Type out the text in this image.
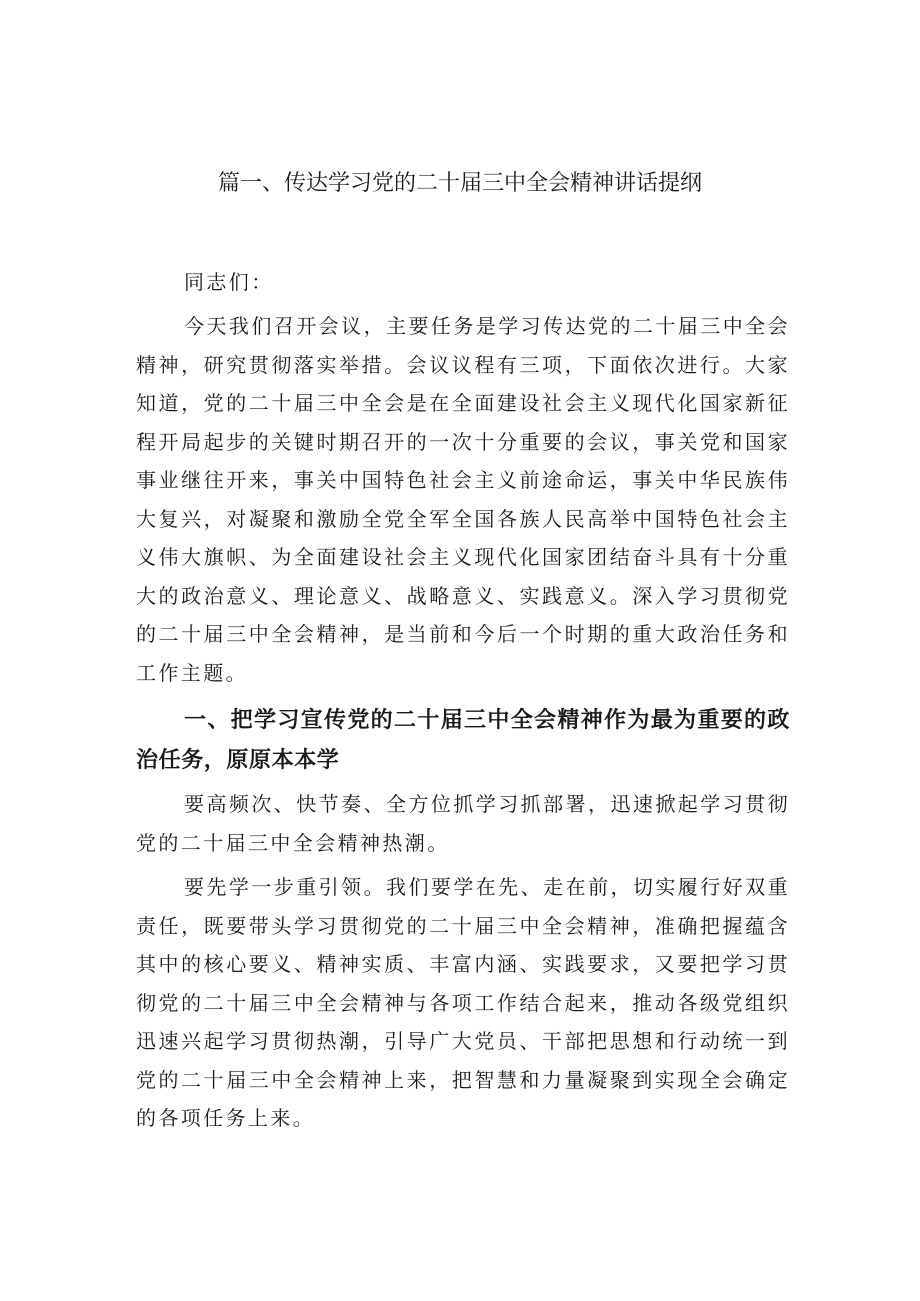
篇一、传达学习党的二十届三中全会精神讲话提纲

同志们：

今天我们召开会议，主要任务是学习传达党的二十届三中全会精神，研究贯彻落实举措。会议议程有三项，下面依次进行。大家知道，党的二十届三中全会是在全面建设社会主义现代化国家新征程开局起步的关键时期召开的一次十分重要的会议，事关党和国家事业继往开来，事关中国特色社会主义前途命运，事关中华民族伟大复兴，对凝聚和激励全党全军全国各族人民高举中国特色社会主义伟大旗帜、为全面建设社会主义现代化国家团结奋斗具有十分重大的政治意义、理论意义、战略意义、实践意义。深入学习贯彻党的二十届三中全会精神，是当前和今后一个时期的重大政治任务和工作主题。

一、把学习宣传党的二十届三中全会精神作为最为重要的政治任务，原原本本学

要高频次、快节奏、全方位抓学习抓部署，迅速掀起学习贯彻党的二十届三中全会精神热潮。

要先学一步重引领。我们要学在先、走在前，切实履行好双重责任，既要带头学习贯彻党的二十届三中全会精神，准确把握蕴含其中的核心要义、精神实质、丰富内涵、实践要求，又要把学习贯彻党的二十届三中全会精神与各项工作结合起来，推动各级党组织迅速兴起学习贯彻热潮，引导广大党员、干部把思想和行动统一到党的二十届三中全会精神上来，把智慧和力量凝聚到实现全会确定的各项任务上来。
